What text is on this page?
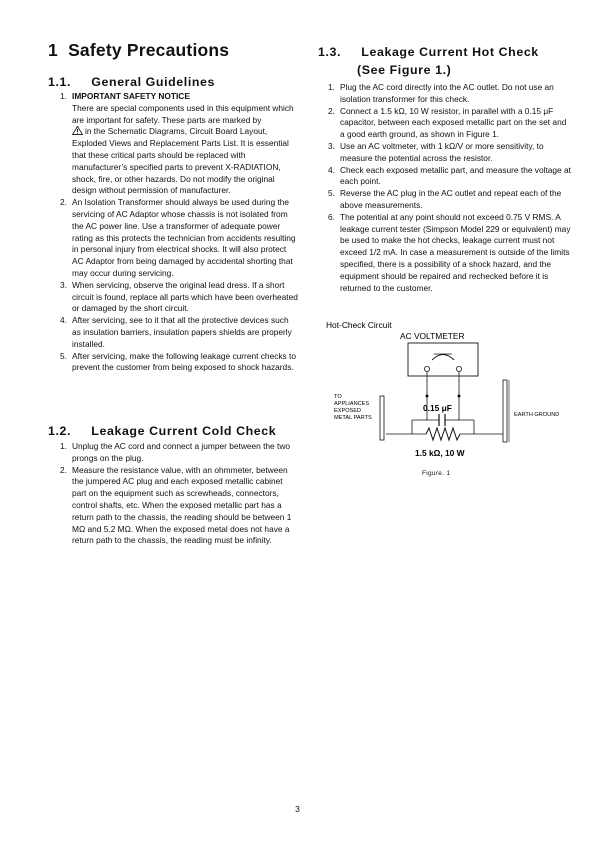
1 Safety Precautions
1.1. General Guidelines
1. IMPORTANT SAFETY NOTICE
There are special components used in this equipment which are important for safety. These parts are marked by
in the Schematic Diagrams, Circuit Board Layout, Exploded Views and Replacement Parts List. It is essential that these critical parts should be replaced with manufacturer’s specified parts to prevent X-RADIATION, shock, fire, or other hazards. Do not modify the original design without permission of manufacturer.
2. An Isolation Transformer should always be used during the servicing of AC Adaptor whose chassis is not isolated from the AC power line. Use a transformer of adequate power rating as this protects the technician from accidents resulting in personal injury from electrical shocks. It will also protect AC Adaptor from being damaged by accidental shorting that may occur during servicing.
3. When servicing, observe the original lead dress. If a short circuit is found, replace all parts which have been overheated or damaged by the short circuit.
4. After servicing, see to it that all the protective devices such as insulation barriers, insulation papers shields are properly installed.
5. After servicing, make the following leakage current checks to prevent the customer from being exposed to shock hazards.
1.2. Leakage Current Cold Check
1. Unplug the AC cord and connect a jumper between the two prongs on the plug.
2. Measure the resistance value, with an ohmmeter, between the jumpered AC plug and each exposed metallic cabinet part on the equipment such as screwheads, connectors, control shafts, etc. When the exposed metallic part has a return path to the chassis, the reading should be between 1 MΩ and 5.2 MΩ. When the exposed metal does not have a return path to the chassis, the reading must be infinity.
1.3. Leakage Current Hot Check
(See Figure 1.)
1. Plug the AC cord directly into the AC outlet. Do not use an isolation transformer for this check.
2. Connect a 1.5 kΩ, 10 W resistor, in parallel with a 0.15 μF capacitor, between each exposed metallic part on the set and a good earth ground, as shown in Figure 1.
3. Use an AC voltmeter, with 1 kΩ/V or more sensitivity, to measure the potential across the resistor.
4. Check each exposed metallic part, and measure the voltage at each point.
5. Reverse the AC plug in the AC outlet and repeat each of the above measurements.
6. The potential at any point should not exceed 0.75 V RMS. A leakage current tester (Simpson Model 229 or equivalent) may be used to make the hot checks, leakage current must not exceed 1/2 mA. In case a measurement is outside of the limits specified, there is a possibility of a shock hazard, and the equipment should be repaired and rechecked before it is returned to the customer.
Hot-Check Circuit
AC VOLTMETER
0.15 μF
1.5 kΩ, 10 W
TO
APPLIANCES
EXPOSED
METAL PARTS	EARTH GROUND
Figure. 1
3
